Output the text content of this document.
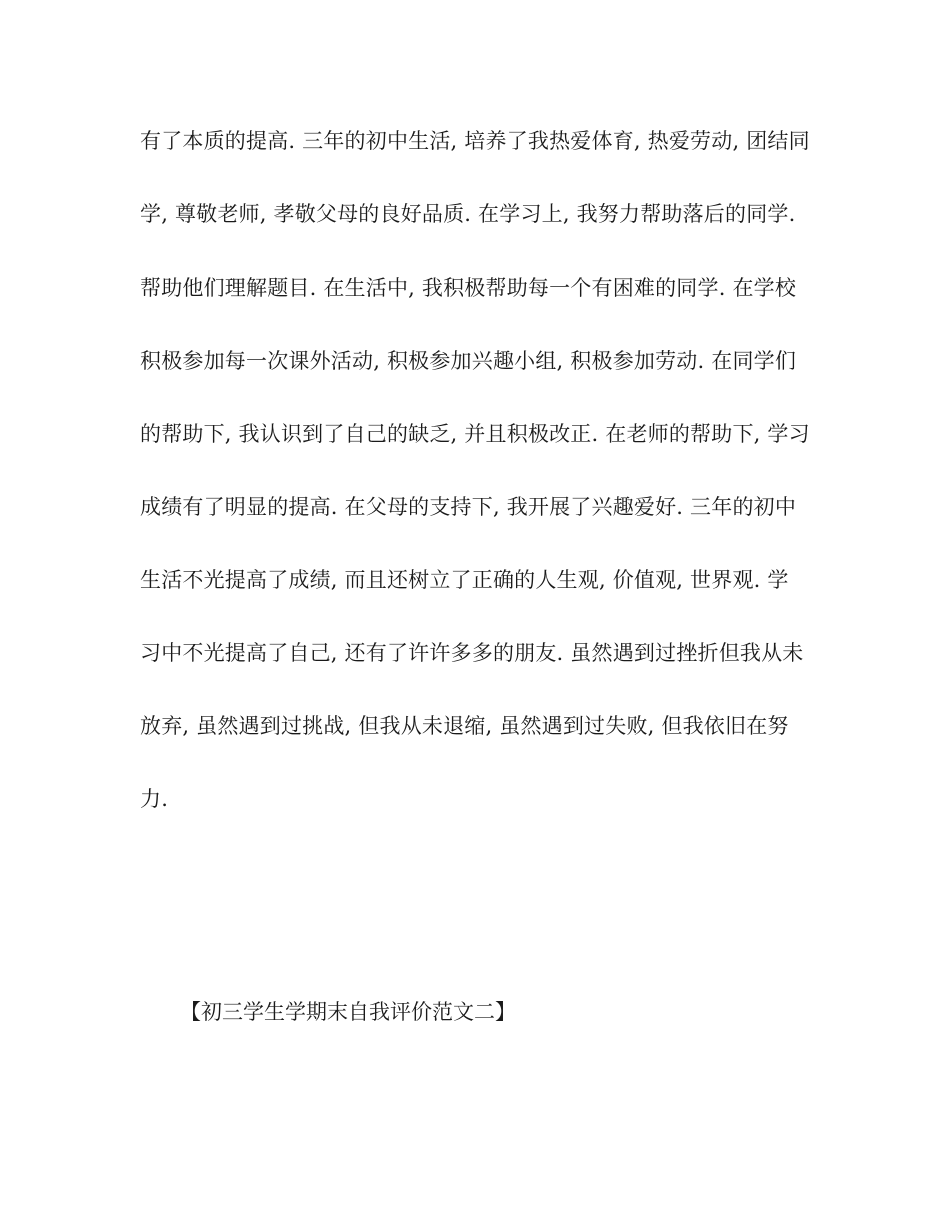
有了本质的提高. 三年的初中生活, 培养了我热爱体育, 热爱劳动, 团结同
学, 尊敬老师, 孝敬父母的良好品质. 在学习上, 我努力帮助落后的同学.
帮助他们理解题目. 在生活中, 我积极帮助每一个有困难的同学. 在学校
积极参加每一次课外活动, 积极参加兴趣小组, 积极参加劳动. 在同学们
的帮助下, 我认识到了自己的缺乏, 并且积极改正. 在老师的帮助下, 学习
成绩有了明显的提高. 在父母的支持下, 我开展了兴趣爱好. 三年的初中
生活不光提高了成绩, 而且还树立了正确的人生观, 价值观, 世界观. 学
习中不光提高了自己, 还有了许许多多的朋友. 虽然遇到过挫折但我从未
放弃, 虽然遇到过挑战, 但我从未退缩, 虽然遇到过失败, 但我依旧在努
力.
【初三学生学期末自我评价范文二】
